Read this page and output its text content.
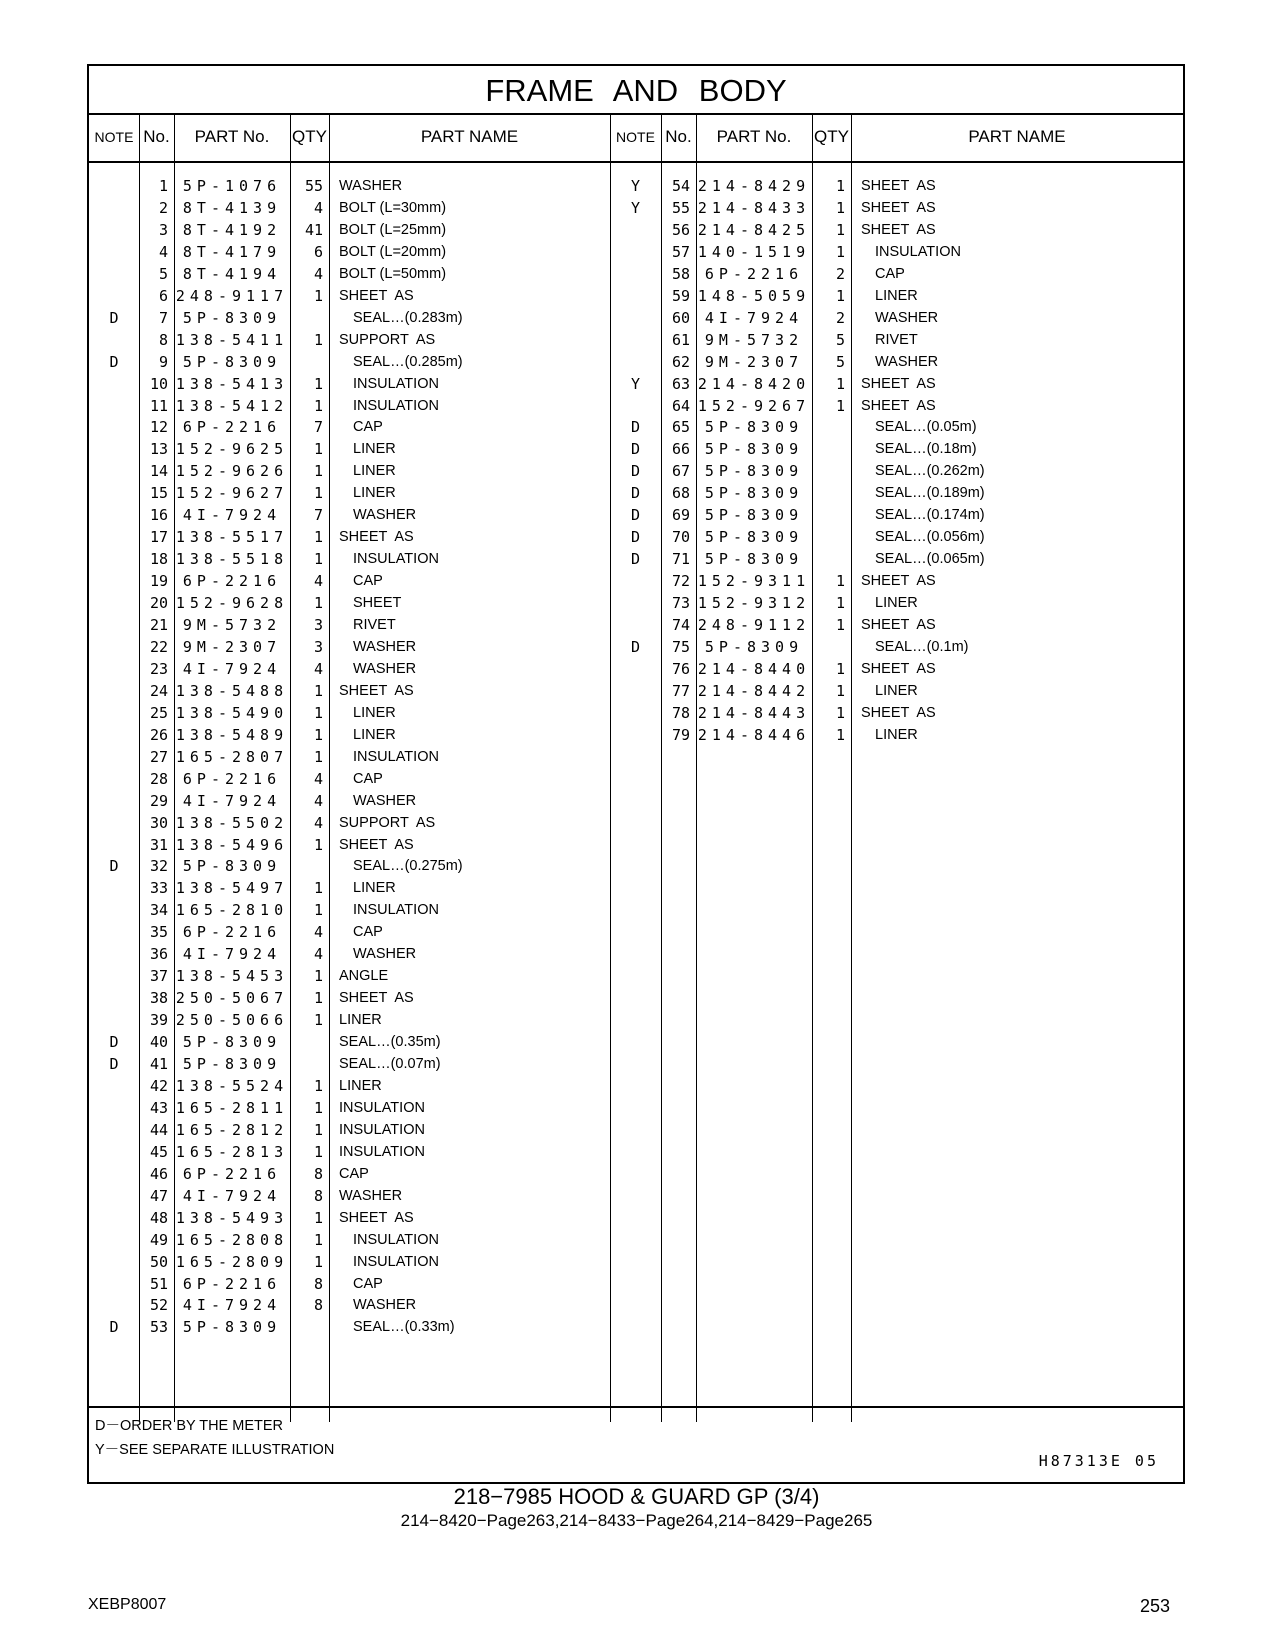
FRAME AND BODY
NOTE No.	PART No.	QTY	PART NAME	NOTE No.	PART No.	QTY	PART NAME
1 5P-1076	55 WASHER
2 8T-4139	4 BOLT (L=30mm)
3 8T-4192	41 BOLT (L=25mm)
4 8T-4179	6 BOLT (L=20mm)
5 8T-4194	4 BOLT (L=50mm)
6 248-9117	1 SHEET  AS
D	7 5P-8309	SEAL…(0.283m)
8 138-5411	1 SUPPORT  AS
D	9 5P-8309	SEAL…(0.285m)
10 138-5413	1	INSULATION
11 138-5412	1	INSULATION
12 6P-2216	7	CAP
13 152-9625	1	LINER
14 152-9626	1	LINER
15 152-9627	1	LINER
16 4I-7924	7	WASHER
17 138-5517	1 SHEET  AS
18 138-5518	1	INSULATION
19 6P-2216	4	CAP
20 152-9628	1	SHEET
21 9M-5732	3	RIVET
22 9M-2307	3	WASHER
23 4I-7924	4	WASHER
24 138-5488	1 SHEET  AS
25 138-5490	1	LINER
26 138-5489	1	LINER
27 165-2807	1	INSULATION
28 6P-2216	4	CAP
29 4I-7924	4	WASHER
30 138-5502	4 SUPPORT  AS
31 138-5496	1 SHEET  AS
D	32 5P-8309	SEAL…(0.275m)
33 138-5497	1	LINER
34 165-2810	1	INSULATION
35 6P-2216	4	CAP
36 4I-7924	4	WASHER
37 138-5453	1 ANGLE
38 250-5067	1 SHEET  AS
39 250-5066	1 LINER
D	40 5P-8309	SEAL…(0.35m)
D	41 5P-8309	SEAL…(0.07m)
42 138-5524	1 LINER
43 165-2811	1 INSULATION
44 165-2812	1 INSULATION
45 165-2813	1 INSULATION
46 6P-2216	8 CAP
47 4I-7924	8 WASHER
48 138-5493	1 SHEET  AS
49 165-2808	1	INSULATION
50 165-2809	1	INSULATION
51 6P-2216	8	CAP
52 4I-7924	8	WASHER
D	53 5P-8309	SEAL…(0.33m)
Y	54 214-8429	1 SHEET  AS
Y	55 214-8433	1 SHEET  AS
56 214-8425	1 SHEET  AS
57 140-1519	1	INSULATION
58 6P-2216	2	CAP
59 148-5059	1	LINER
60 4I-7924	2	WASHER
61 9M-5732	5	RIVET
62 9M-2307	5	WASHER
Y	63 214-8420	1 SHEET  AS
64 152-9267	1 SHEET  AS
D	65 5P-8309	SEAL…(0.05m)
D	66 5P-8309	SEAL…(0.18m)
D	67 5P-8309	SEAL…(0.262m)
D	68 5P-8309	SEAL…(0.189m)
D	69 5P-8309	SEAL…(0.174m)
D	70 5P-8309	SEAL…(0.056m)
D	71 5P-8309	SEAL…(0.065m)
72 152-9311	1 SHEET  AS
73 152-9312	1	LINER
74 248-9112	1 SHEET  AS
D	75 5P-8309	SEAL…(0.1m)
76 214-8440	1 SHEET  AS
77 214-8442	1	LINER
78 214-8443	1 SHEET  AS
79 214-8446	1	LINER
D－ORDER BY THE METER
Y－SEE SEPARATE ILLUSTRATION
H87313E 05
218−7985 HOOD & GUARD GP (3/4)
214−8420−Page263,214−8433−Page264,214−8429−Page265
XEBP8007	253
